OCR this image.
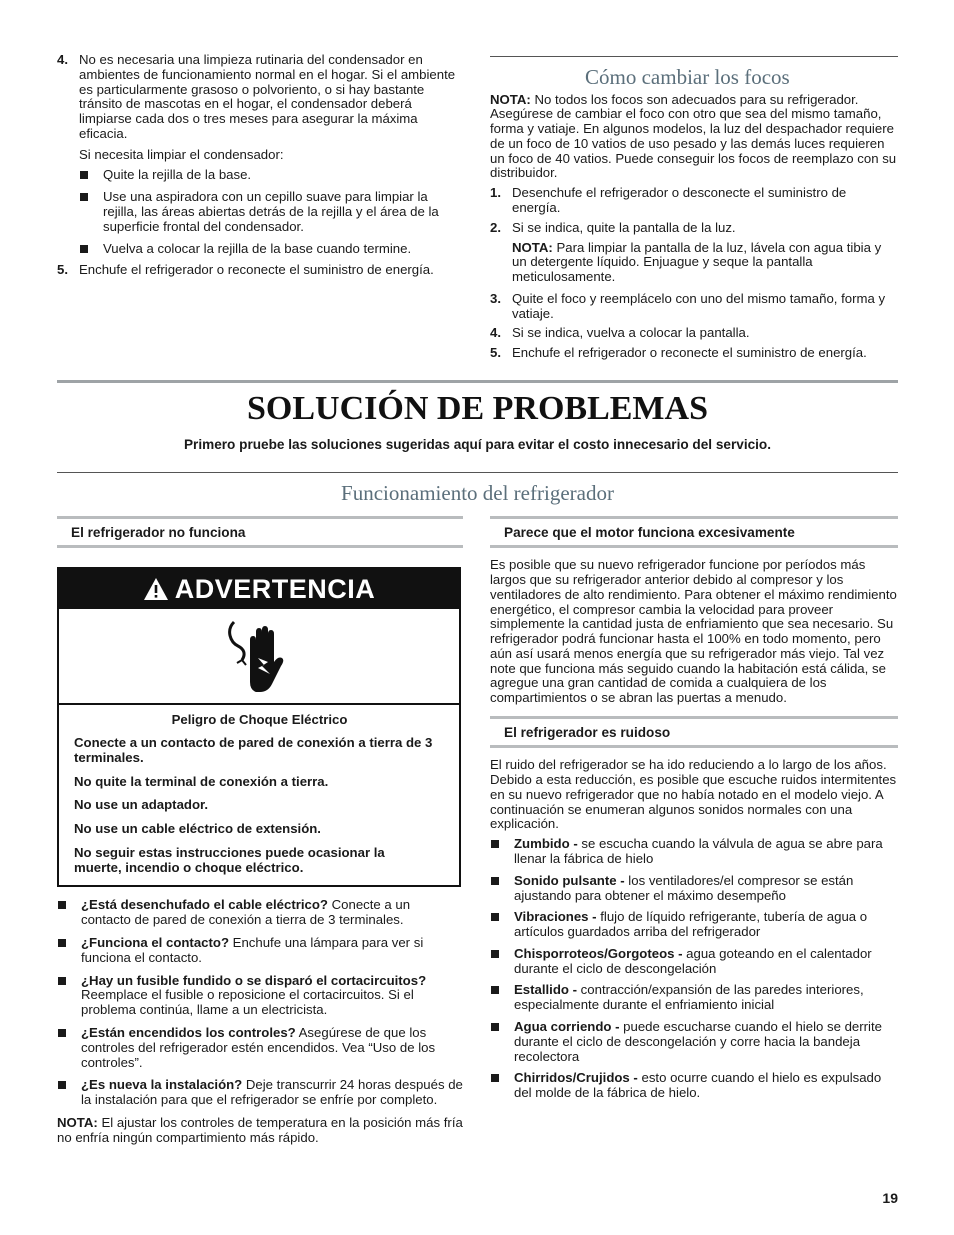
4. No es necesaria una limpieza rutinaria del condensador en ambientes de funcionamiento normal en el hogar. Si el ambiente es particularmente grasoso o polvoriento, o si hay bastante tránsito de mascotas en el hogar, el condensador deberá limpiarse cada dos o tres meses para asegurar la máxima eficacia.

Si necesita limpiar el condensador:

Quite la rejilla de la base.
Use una aspiradora con un cepillo suave para limpiar la rejilla, las áreas abiertas detrás de la rejilla y el área de la superficie frontal del condensador.
Vuelva a colocar la rejilla de la base cuando termine.
5. Enchufe el refrigerador o reconecte el suministro de energía.

Cómo cambiar los focos

NOTA: No todos los focos son adecuados para su refrigerador. Asegúrese de cambiar el foco con otro que sea del mismo tamaño, forma y vatiaje. En algunos modelos, la luz del despachador requiere de un foco de 10 vatios de uso pesado y las demás luces requieren un foco de 40 vatios. Puede conseguir los focos de reemplazo con su distribuidor.

1. Desenchufe el refrigerador o desconecte el suministro de energía.

2. Si se indica, quite la pantalla de la luz.

NOTA: Para limpiar la pantalla de la luz, lávela con agua tibia y un detergente líquido. Enjuague y seque la pantalla meticulosamente.

3. Quite el foco y reemplácelo con uno del mismo tamaño, forma y vatiaje.

4. Si se indica, vuelva a colocar la pantalla.

5. Enchufe el refrigerador o reconecte el suministro de energía.

SOLUCIÓN DE PROBLEMAS
Primero pruebe las soluciones sugeridas aquí para evitar el costo innecesario del servicio.
Funcionamiento del refrigerador
El refrigerador no funciona
ADVERTENCIA

Peligro de Choque Eléctrico

Conecte a un contacto de pared de conexión a tierra de 3 terminales.

No quite la terminal de conexión a tierra.

No use un adaptador.

No use un cable eléctrico de extensión.

No seguir estas instrucciones puede ocasionar la muerte, incendio o choque eléctrico.

¿Está desenchufado el cable eléctrico? Conecte a un contacto de pared de conexión a tierra de 3 terminales.
¿Funciona el contacto? Enchufe una lámpara para ver si funciona el contacto.
¿Hay un fusible fundido o se disparó el cortacircuitos? Reemplace el fusible o reposicione el cortacircuitos. Si el problema continúa, llame a un electricista.
¿Están encendidos los controles? Asegúrese de que los controles del refrigerador estén encendidos. Vea “Uso de los controles”.
¿Es nueva la instalación? Deje transcurrir 24 horas después de la instalación para que el refrigerador se enfríe por completo.

NOTA: El ajustar los controles de temperatura en la posición más fría no enfría ningún compartimiento más rápido.

Parece que el motor funciona excesivamente

Es posible que su nuevo refrigerador funcione por períodos más largos que su refrigerador anterior debido al compresor y los ventiladores de alto rendimiento. Para obtener el máximo rendimiento energético, el compresor cambia la velocidad para proveer simplemente la cantidad justa de enfriamiento que sea necesario. Su refrigerador podrá funcionar hasta el 100% en todo momento, pero aún así usará menos energía que su refrigerador más viejo. Tal vez note que funciona más seguido cuando la habitación está cálida, se agregue una gran cantidad de comida a cualquiera de los compartimientos o se abran las puertas a menudo.

El refrigerador es ruidoso

El ruido del refrigerador se ha ido reduciendo a lo largo de los años. Debido a esta reducción, es posible que escuche ruidos intermitentes en su nuevo refrigerador que no había notado en el modelo viejo. A continuación se enumeran algunos sonidos normales con una explicación.

Zumbido - se escucha cuando la válvula de agua se abre para llenar la fábrica de hielo
Sonido pulsante - los ventiladores/el compresor se están ajustando para obtener el máximo desempeño
Vibraciones - flujo de líquido refrigerante, tubería de agua o artículos guardados arriba del refrigerador
Chisporroteos/Gorgoteos - agua goteando en el calentador durante el ciclo de descongelación
Estallido - contracción/expansión de las paredes interiores, especialmente durante el enfriamiento inicial
Agua corriendo - puede escucharse cuando el hielo se derrite durante el ciclo de descongelación y corre hacia la bandeja recolectora
Chirridos/Crujidos - esto ocurre cuando el hielo es expulsado del molde de la fábrica de hielo.
19
